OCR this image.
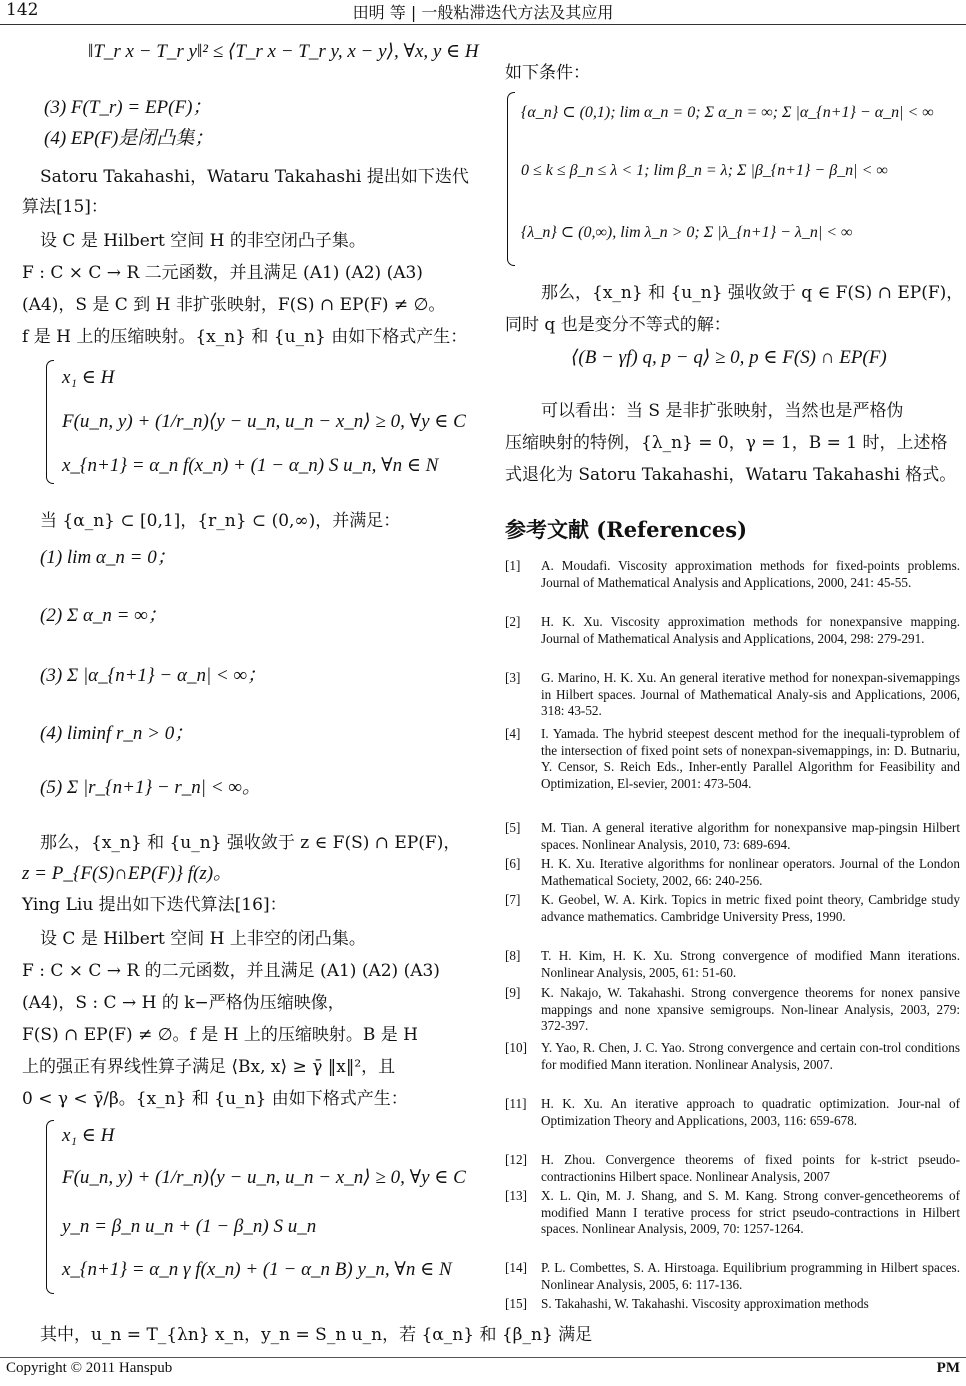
142	田明 等 | 一般粘滞迭代方法及其应用
‖T_r x − T_r y‖² ≤ ⟨T_r x − T_r y, x − y⟩, ∀x, y ∈ H
(3) F(T_r) = EP(F)；
(4) EP(F)是闭凸集；
Satoru Takahashi，Wataru Takahashi 提出如下迭代
算法[15]：
设 C 是 Hilbert 空间 H 的非空闭凸子集。
F : C × C → R 二元函数，并且满足 (A1) (A2) (A3)
(A4)，S 是 C 到 H 非扩张映射，F(S) ∩ EP(F) ≠ ∅。
f 是 H 上的压缩映射。{x_n} 和 {u_n} 由如下格式产生：
x₁ ∈ H
F(u_n, y) + (1/r_n)⟨y − u_n, u_n − x_n⟩ ≥ 0, ∀y ∈ C
x_{n+1} = α_n f(x_n) + (1 − α_n) S u_n, ∀n ∈ N
当 {α_n} ⊂ [0,1]，{r_n} ⊂ (0,∞)，并满足：
(1) lim α_n = 0；
(2) Σ α_n = ∞；
(3) Σ |α_{n+1} − α_n| < ∞；
(4) liminf r_n > 0；
(5) Σ |r_{n+1} − r_n| < ∞。
那么，{x_n} 和 {u_n} 强收敛于 z ∈ F(S) ∩ EP(F)，
z = P_{F(S)∩EP(F)} f(z)。
Ying Liu 提出如下迭代算法[16]：
设 C 是 Hilbert 空间 H 上非空的闭凸集。
F : C × C → R 的二元函数，并且满足 (A1) (A2) (A3)
(A4)，S : C → H 的 k−严格伪压缩映像，
F(S) ∩ EP(F) ≠ ∅。f 是 H 上的压缩映射。B 是 H
上的强正有界线性算子满足 ⟨Bx, x⟩ ≥ γ̄ ‖x‖²，且
0 < γ < γ̄/β。{x_n} 和 {u_n} 由如下格式产生：
x₁ ∈ H
F(u_n, y) + (1/r_n)⟨y − u_n, u_n − x_n⟩ ≥ 0, ∀y ∈ C
y_n = β_n u_n + (1 − β_n) S u_n
x_{n+1} = α_n γ f(x_n) + (1 − α_n B) y_n, ∀n ∈ N
其中，u_n = T_{λn} x_n，y_n = S_n u_n，若 {α_n} 和 {β_n} 满足
如下条件：
{α_n} ⊂ (0,1); lim α_n = 0; Σ α_n = ∞; Σ |α_{n+1} − α_n| < ∞
0 ≤ k ≤ β_n ≤ λ < 1; lim β_n = λ; Σ |β_{n+1} − β_n| < ∞
{λ_n} ⊂ (0,∞), lim λ_n > 0; Σ |λ_{n+1} − λ_n| < ∞
那么，{x_n} 和 {u_n} 强收敛于 q ∈ F(S) ∩ EP(F)，
同时 q 也是变分不等式的解：
⟨(B − γf) q, p − q⟩ ≥ 0, p ∈ F(S) ∩ EP(F)
可以看出：当 S 是非扩张映射，当然也是严格伪
压缩映射的特例，{λ_n} = 0，γ = 1，B = 1 时，上述格
式退化为 Satoru Takahashi，Wataru Takahashi 格式。
参考文献 (References)
[1] A. Moudafi. Viscosity approximation methods for fixed-points problems. Journal of Mathematical Analysis and Applications, 2000, 241: 45-55.
[2] H. K. Xu. Viscosity approximation methods for nonexpansive mapping. Journal of Mathematical Analysis and Applications, 2004, 298: 279-291.
[3] G. Marino, H. K. Xu. An general iterative method for nonexpan-sivemappings in Hilbert spaces. Journal of Mathematical Analy-sis and Applications, 2006, 318: 43-52.
[4] I. Yamada. The hybrid steepest descent method for the inequali-typroblem of the intersection of fixed point sets of nonexpan-sivemappings, in: D. Butnariu, Y. Censor, S. Reich Eds., Inher-ently Parallel Algorithm for Feasibility and Optimization, El-sevier, 2001: 473-504.
[5] M. Tian. A general iterative algorithm for nonexpansive map-pingsin Hilbert spaces. Nonlinear Analysis, 2010, 73: 689-694.
[6] H. K. Xu. Iterative algorithms for nonlinear operators. Journal of the London Mathematical Society, 2002, 66: 240-256.
[7] K. Geobel, W. A. Kirk. Topics in metric fixed point theory, Cambridge study advance mathematics. Cambridge University Press, 1990.
[8] T. H. Kim, H. K. Xu. Strong convergence of modified Mann iterations. Nonlinear Analysis, 2005, 61: 51-60.
[9] K. Nakajo, W. Takahashi. Strong convergence theorems for nonex pansive mappings and none xpansive semigroups. Non-linear Analysis, 2003, 279: 372-397.
[10] Y. Yao, R. Chen, J. C. Yao. Strong convergence and certain con-trol conditions for modified Mann iteration. Nonlinear Analysis, 2007.
[11] H. K. Xu. An iterative approach to quadratic optimization. Jour-nal of Optimization Theory and Applications, 2003, 116: 659-678.
[12] H. Zhou. Convergence theorems of fixed points for k-strict pseudo-contractionins Hilbert space. Nonlinear Analysis, 2007
[13] X. L. Qin, M. J. Shang, and S. M. Kang. Strong conver-gencetheorems of modified Mann I terative process for strict pseudo-contractions in Hilbert spaces. Nonlinear Analysis, 2009, 70: 1257-1264.
[14] P. L. Combettes, S. A. Hirstoaga. Equilibrium programming in Hilbert spaces. Nonlinear Analysis, 2005, 6: 117-136.
[15] S. Takahashi, W. Takahashi. Viscosity approximation methods
Copyright © 2011 Hanspub	PM
